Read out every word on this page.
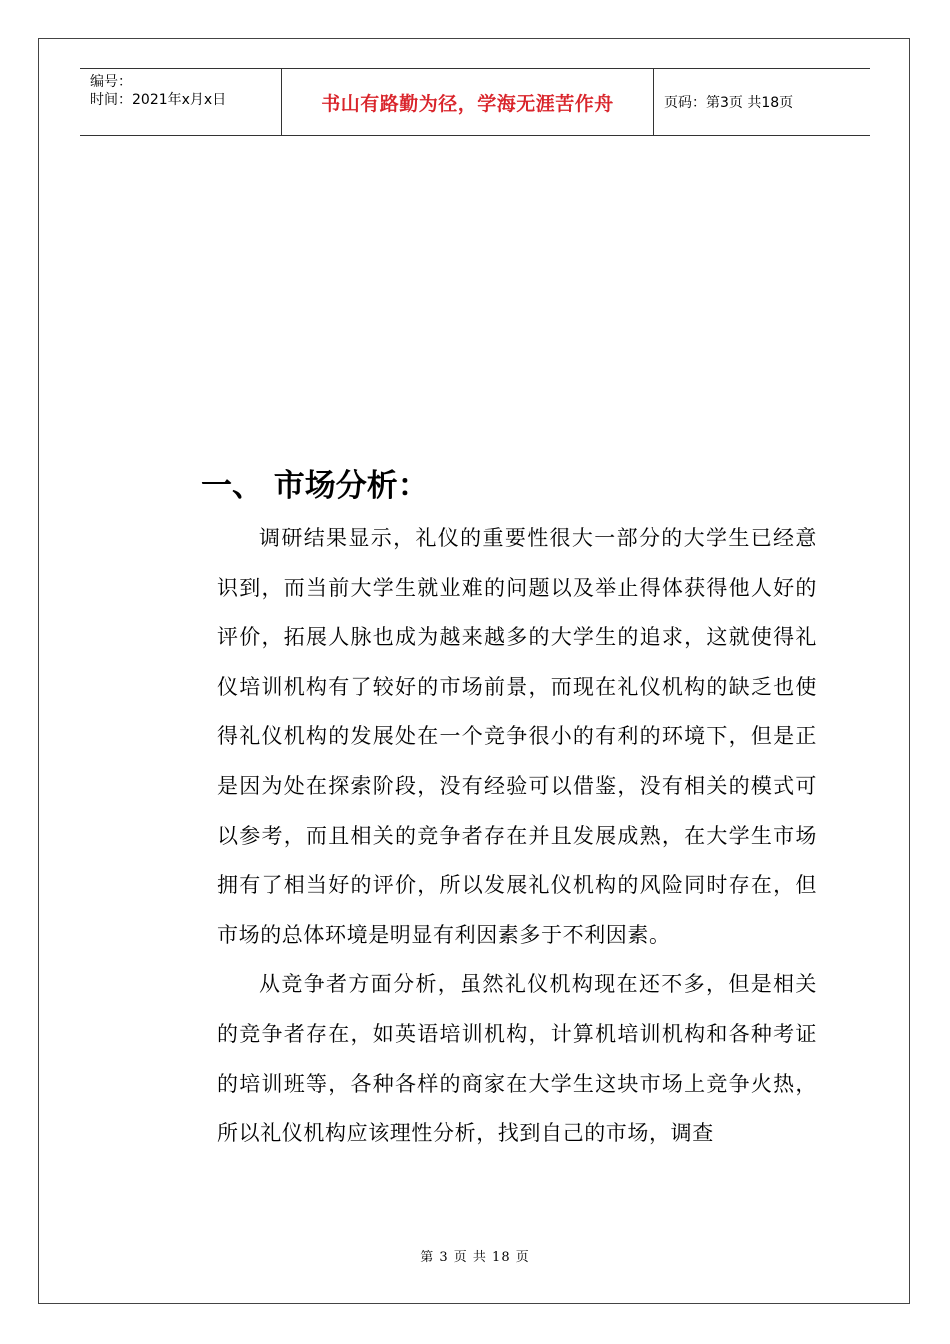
编号：
时间：2021年x月x日	书山有路勤为径，学海无涯苦作舟	页码：第3页 共18页
一、 市场分析：

调研结果显示，礼仪的重要性很大一部分的大学生已经意识到，而当前大学生就业难的问题以及举止得体获得他人好的评价，拓展人脉也成为越来越多的大学生的追求，这就使得礼仪培训机构有了较好的市场前景，而现在礼仪机构的缺乏也使得礼仪机构的发展处在一个竞争很小的有利的环境下，但是正是因为处在探索阶段，没有经验可以借鉴，没有相关的模式可以参考，而且相关的竞争者存在并且发展成熟，在大学生市场拥有了相当好的评价，所以发展礼仪机构的风险同时存在，但市场的总体环境是明显有利因素多于不利因素。

从竞争者方面分析，虽然礼仪机构现在还不多，但是相关的竞争者存在，如英语培训机构，计算机培训机构和各种考证的培训班等，各种各样的商家在大学生这块市场上竞争火热，所以礼仪机构应该理性分析，找到自己的市场，调查

第 3 页 共 18 页
